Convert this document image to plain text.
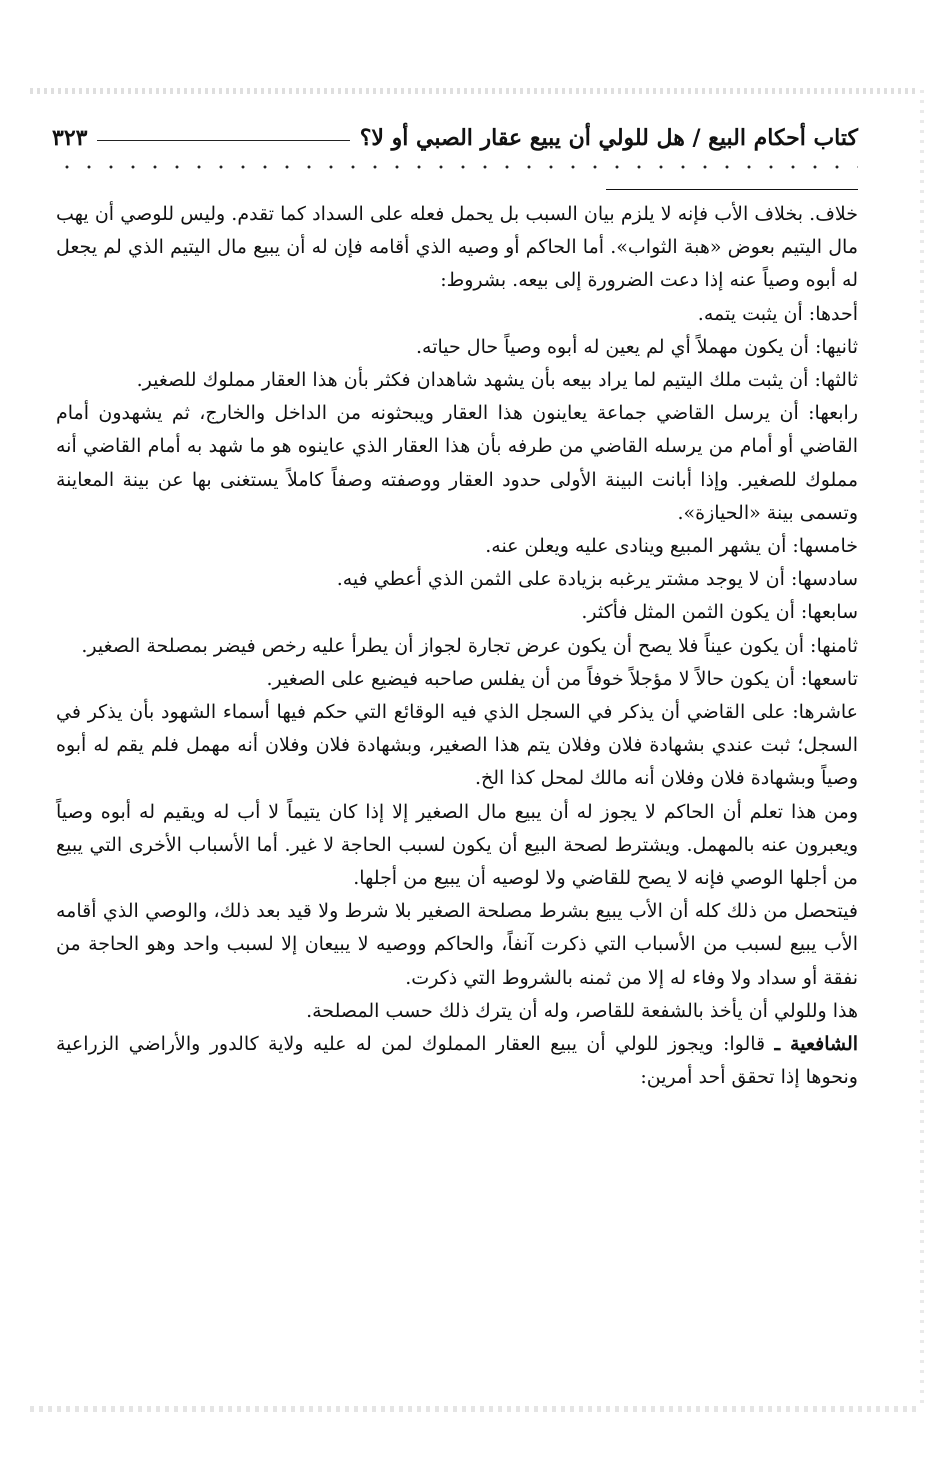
كتاب أحكام البيع / هل للولي أن يبيع عقار الصبي أو لا؟
٣٢٣

خلاف. بخلاف الأب فإنه لا يلزم بيان السبب بل يحمل فعله على السداد كما تقدم. وليس للوصي أن يهب مال اليتيم بعوض «هبة الثواب». أما الحاكم أو وصيه الذي أقامه فإن له أن يبيع مال اليتيم الذي لم يجعل له أبوه وصياً عنه إذا دعت الضرورة إلى بيعه. بشروط:

أحدها: أن يثبت يتمه.

ثانيها: أن يكون مهملاً أي لم يعين له أبوه وصياً حال حياته.

ثالثها: أن يثبت ملك اليتيم لما يراد بيعه بأن يشهد شاهدان فكثر بأن هذا العقار مملوك للصغير.

رابعها: أن يرسل القاضي جماعة يعاينون هذا العقار ويبحثونه من الداخل والخارج، ثم يشهدون أمام القاضي أو أمام من يرسله القاضي من طرفه بأن هذا العقار الذي عاينوه هو ما شهد به أمام القاضي أنه مملوك للصغير. وإذا أبانت البينة الأولى حدود العقار ووصفته وصفاً كاملاً يستغنى بها عن بينة المعاينة وتسمى بينة «الحيازة».

خامسها: أن يشهر المبيع وينادى عليه ويعلن عنه.

سادسها: أن لا يوجد مشتر يرغبه بزيادة على الثمن الذي أعطي فيه.

سابعها: أن يكون الثمن المثل فأكثر.

ثامنها: أن يكون عيناً فلا يصح أن يكون عرض تجارة لجواز أن يطرأ عليه رخص فيضر بمصلحة الصغير.

تاسعها: أن يكون حالاً لا مؤجلاً خوفاً من أن يفلس صاحبه فيضيع على الصغير.

عاشرها: على القاضي أن يذكر في السجل الذي فيه الوقائع التي حكم فيها أسماء الشهود بأن يذكر في السجل؛ ثبت عندي بشهادة فلان وفلان يتم هذا الصغير، وبشهادة فلان وفلان أنه مهمل فلم يقم له أبوه وصياً وبشهادة فلان وفلان أنه مالك لمحل كذا الخ.

ومن هذا تعلم أن الحاكم لا يجوز له أن يبيع مال الصغير إلا إذا كان يتيماً لا أب له ويقيم له أبوه وصياً ويعبرون عنه بالمهمل. ويشترط لصحة البيع أن يكون لسبب الحاجة لا غير. أما الأسباب الأخرى التي يبيع من أجلها الوصي فإنه لا يصح للقاضي ولا لوصيه أن يبيع من أجلها.

فيتحصل من ذلك كله أن الأب يبيع بشرط مصلحة الصغير بلا شرط ولا قيد بعد ذلك، والوصي الذي أقامه الأب يبيع لسبب من الأسباب التي ذكرت آنفاً، والحاكم ووصيه لا يبيعان إلا لسبب واحد وهو الحاجة من نفقة أو سداد ولا وفاء له إلا من ثمنه بالشروط التي ذكرت.

هذا وللولي أن يأخذ بالشفعة للقاصر، وله أن يترك ذلك حسب المصلحة.

الشافعية ـ قالوا: ويجوز للولي أن يبيع العقار المملوك لمن له عليه ولاية كالدور والأراضي الزراعية ونحوها إذا تحقق أحد أمرين:
